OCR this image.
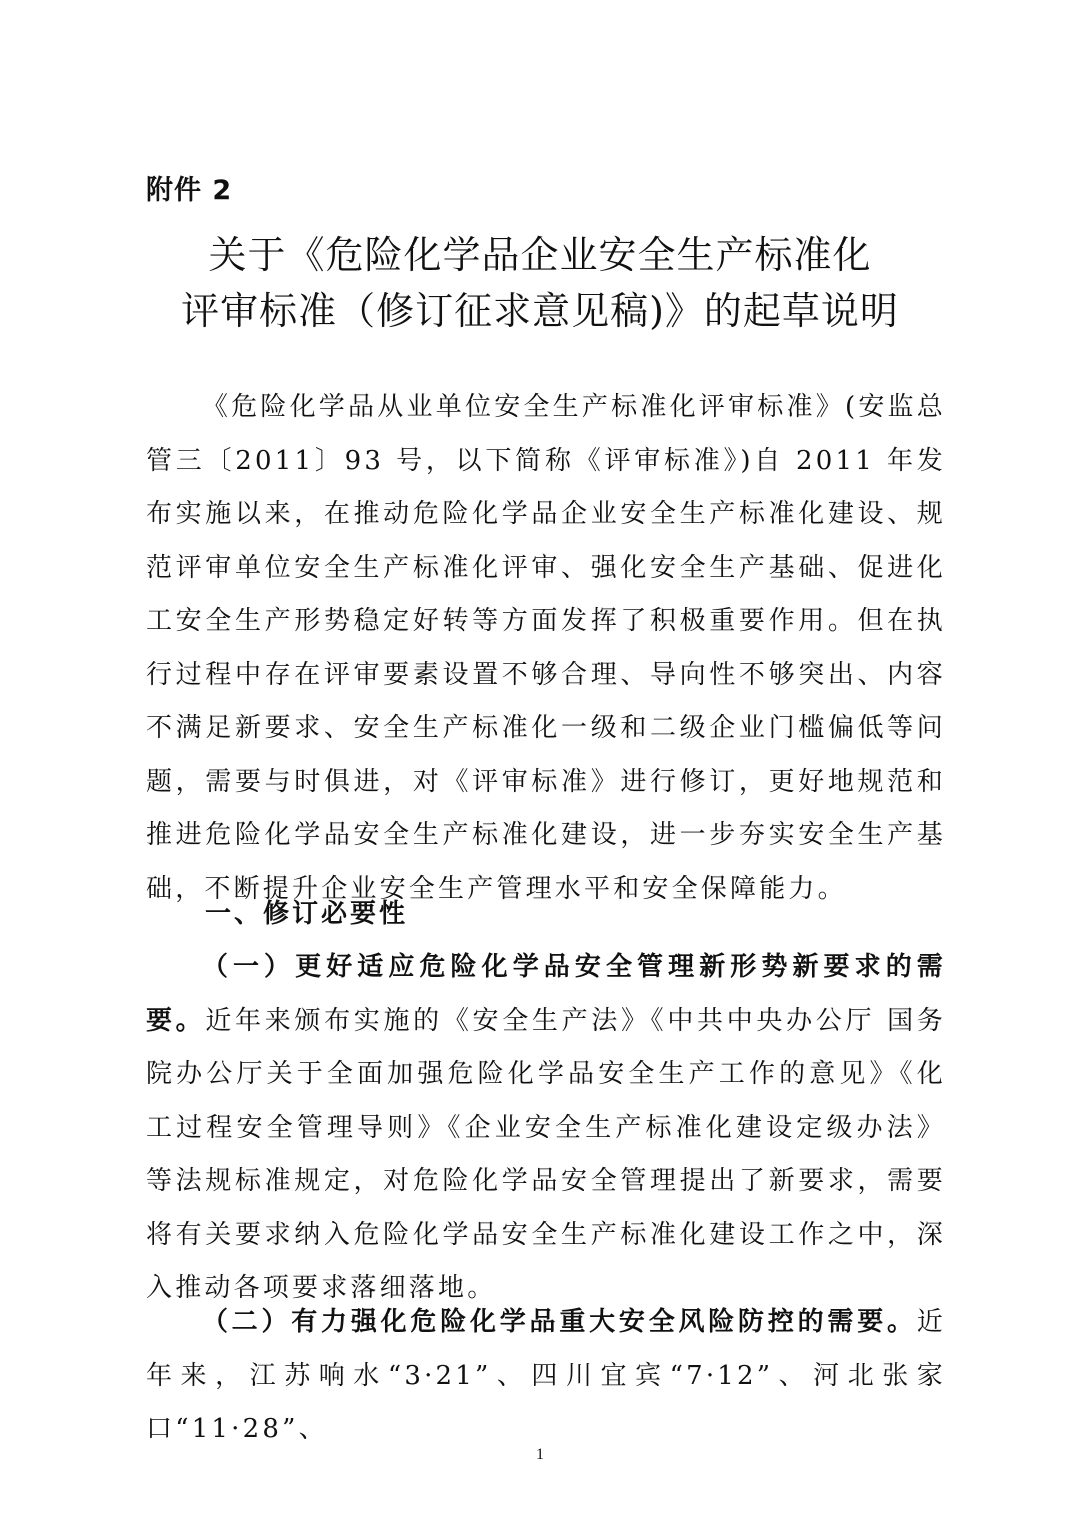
附件 2
关于《危险化学品企业安全生产标准化
评审标准（修订征求意见稿)》的起草说明

《危险化学品从业单位安全生产标准化评审标准》(安监总管三〔2011〕93 号，以下简称《评审标准》)自 2011 年发布实施以来，在推动危险化学品企业安全生产标准化建设、规范评审单位安全生产标准化评审、强化安全生产基础、促进化工安全生产形势稳定好转等方面发挥了积极重要作用。但在执行过程中存在评审要素设置不够合理、导向性不够突出、内容不满足新要求、安全生产标准化一级和二级企业门槛偏低等问题，需要与时俱进，对《评审标准》进行修订，更好地规范和推进危险化学品安全生产标准化建设，进一步夯实安全生产基础，不断提升企业安全生产管理水平和安全保障能力。

一、修订必要性

（一）更好适应危险化学品安全管理新形势新要求的需要。近年来颁布实施的《安全生产法》《中共中央办公厅 国务院办公厅关于全面加强危险化学品安全生产工作的意见》《化工过程安全管理导则》《企业安全生产标准化建设定级办法》等法规标准规定，对危险化学品安全管理提出了新要求，需要将有关要求纳入危险化学品安全生产标准化建设工作之中，深入推动各项要求落细落地。

（二）有力强化危险化学品重大安全风险防控的需要。近年来，江苏响水“3·21”、四川宜宾“7·12”、河北张家口“11·28”、

1
